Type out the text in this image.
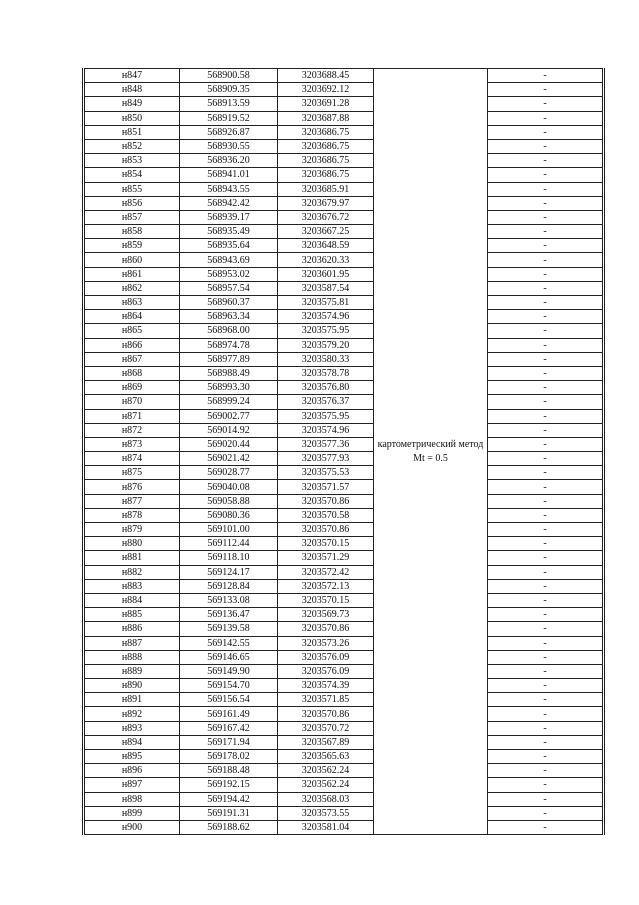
н847	568900.58	3203688.45	картометрический метод Mt = 0.5	-
н848	568909.35	3203692.12		-
н849	568913.59	3203691.28		-
н850	568919.52	3203687.88		-
н851	568926.87	3203686.75		-
н852	568930.55	3203686.75		-
н853	568936.20	3203686.75		-
н854	568941.01	3203686.75		-
н855	568943.55	3203685.91		-
н856	568942.42	3203679.97		-
н857	568939.17	3203676.72		-
н858	568935.49	3203667.25		-
н859	568935.64	3203648.59		-
н860	568943.69	3203620.33		-
н861	568953.02	3203601.95		-
н862	568957.54	3203587.54		-
н863	568960.37	3203575.81		-
н864	568963.34	3203574.96		-
н865	568968.00	3203575.95		-
н866	568974.78	3203579.20		-
н867	568977.89	3203580.33		-
н868	568988.49	3203578.78		-
н869	568993.30	3203576.80		-
н870	568999.24	3203576.37		-
н871	569002.77	3203575.95		-
н872	569014.92	3203574.96		-
н873	569020.44	3203577.36		-
н874	569021.42	3203577.93		-
н875	569028.77	3203575.53		-
н876	569040.08	3203571.57		-
н877	569058.88	3203570.86		-
н878	569080.36	3203570.58		-
н879	569101.00	3203570.86		-
н880	569112.44	3203570.15		-
н881	569118.10	3203571.29		-
н882	569124.17	3203572.42		-
н883	569128.84	3203572.13		-
н884	569133.08	3203570.15		-
н885	569136.47	3203569.73		-
н886	569139.58	3203570.86		-
н887	569142.55	3203573.26		-
н888	569146.65	3203576.09		-
н889	569149.90	3203576.09		-
н890	569154.70	3203574.39		-
н891	569156.54	3203571.85		-
н892	569161.49	3203570.86		-
н893	569167.42	3203570.72		-
н894	569171.94	3203567.89		-
н895	569178.02	3203565.63		-
н896	569188.48	3203562.24		-
н897	569192.15	3203562.24		-
н898	569194.42	3203568.03		-
н899	569191.31	3203573.55		-
н900	569188.62	3203581.04		-
